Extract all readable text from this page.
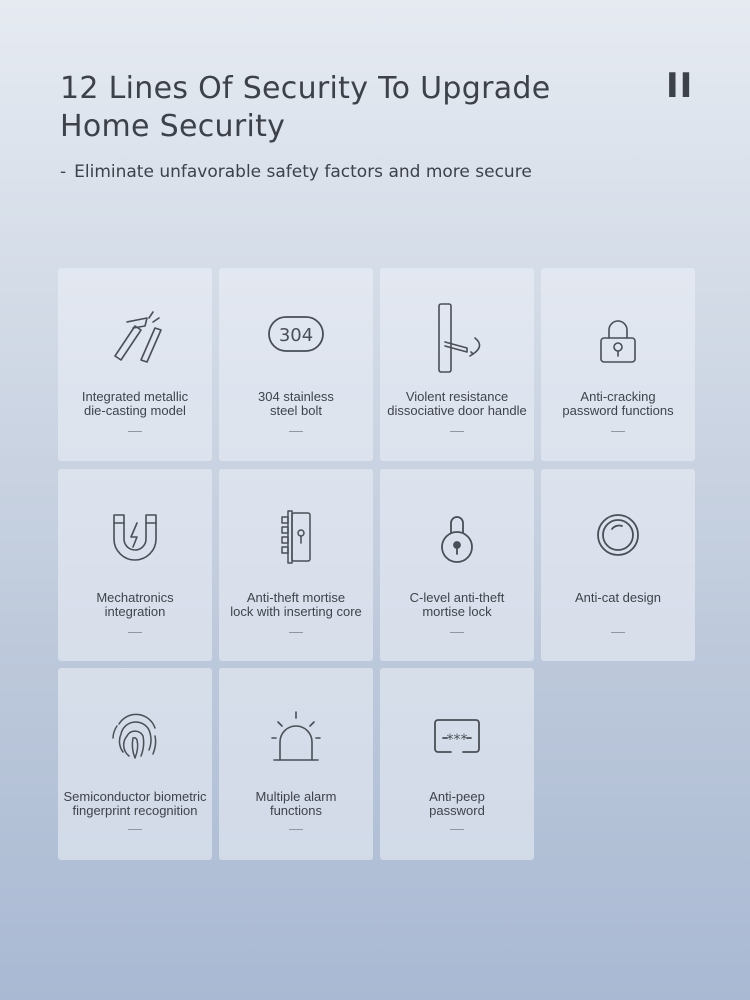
12 Lines Of Security To Upgrade
Home Security
II

- Eliminate unfavorable safety factors and more secure

Integrated metallic
die-casting model
304
304 stainless
steel bolt
Violent resistance
dissociative door handle
Anti-cracking
password functions
Mechatronics
integration
Anti-theft mortise
lock with inserting core
C-level anti-theft
mortise lock
Anti-cat design
Semiconductor biometric
fingerprint recognition
Multiple alarm
functions
***
Anti-peep
password
